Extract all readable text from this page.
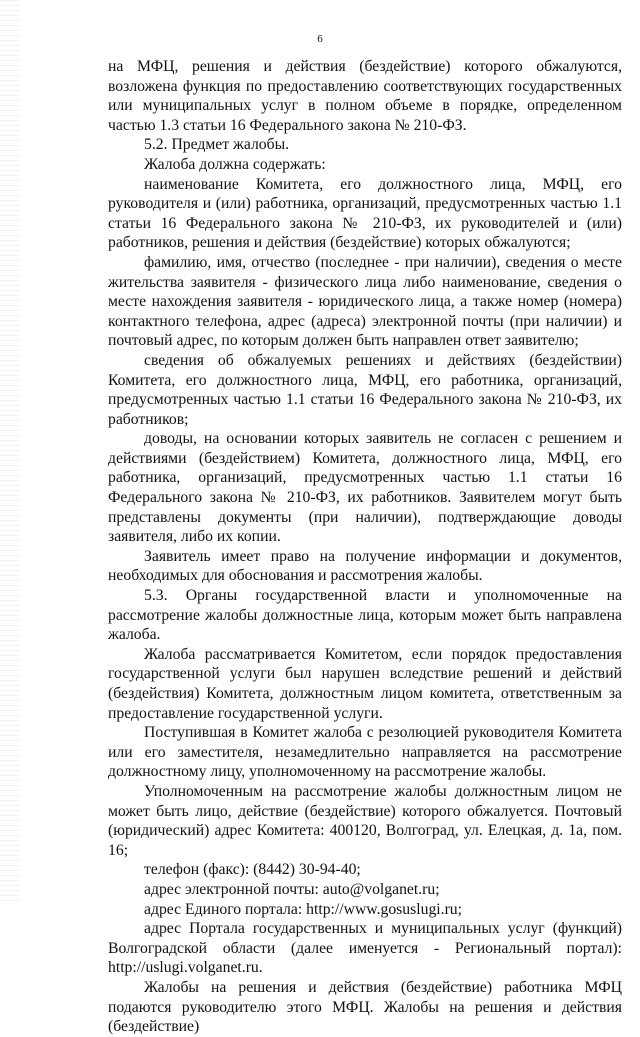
6

на МФЦ, решения и действия (бездействие) которого обжалуются, возложена функция по предоставлению соответствующих государственных или муниципальных услуг в полном объеме в порядке, определенном частью 1.3 статьи 16 Федерального закона № 210-ФЗ.

5.2. Предмет жалобы.

Жалоба должна содержать:

наименование Комитета, его должностного лица, МФЦ, его руководителя и (или) работника, организаций, предусмотренных частью 1.1 статьи 16 Федерального закона № 210-ФЗ, их руководителей и (или) работников, решения и действия (бездействие) которых обжалуются;

фамилию, имя, отчество (последнее - при наличии), сведения о месте жительства заявителя - физического лица либо наименование, сведения о месте нахождения заявителя - юридического лица, а также номер (номера) контактного телефона, адрес (адреса) электронной почты (при наличии) и почтовый адрес, по которым должен быть направлен ответ заявителю;

сведения об обжалуемых решениях и действиях (бездействии) Комитета, его должностного лица, МФЦ, его работника, организаций, предусмотренных частью 1.1 статьи 16 Федерального закона № 210-ФЗ, их работников;

доводы, на основании которых заявитель не согласен с решением и действиями (бездействием) Комитета, должностного лица, МФЦ, его работника, организаций, предусмотренных частью 1.1 статьи 16 Федерального закона № 210-ФЗ, их работников. Заявителем могут быть представлены документы (при наличии), подтверждающие доводы заявителя, либо их копии.

Заявитель имеет право на получение информации и документов, необходимых для обоснования и рассмотрения жалобы.

5.3. Органы государственной власти и уполномоченные на рассмотрение жалобы должностные лица, которым может быть направлена жалоба.

Жалоба рассматривается Комитетом, если порядок предоставления государственной услуги был нарушен вследствие решений и действий (бездействия) Комитета, должностным лицом комитета, ответственным за предоставление государственной услуги.

Поступившая в Комитет жалоба с резолюцией руководителя Комитета или его заместителя, незамедлительно направляется на рассмотрение должностному лицу, уполномоченному на рассмотрение жалобы.

Уполномоченным на рассмотрение жалобы должностным лицом не может быть лицо, действие (бездействие) которого обжалуется. Почтовый (юридический) адрес Комитета: 400120, Волгоград, ул. Елецкая, д. 1а, пом. 16;

телефон (факс): (8442) 30-94-40;

адрес электронной почты: auto@volganet.ru;

адрес Единого портала: http://www.gosuslugi.ru;

адрес Портала государственных и муниципальных услуг (функций) Волгоградской области (далее именуется - Региональный портал): http://uslugi.volganet.ru.

Жалобы на решения и действия (бездействие) работника МФЦ подаются руководителю этого МФЦ. Жалобы на решения и действия (бездействие)
